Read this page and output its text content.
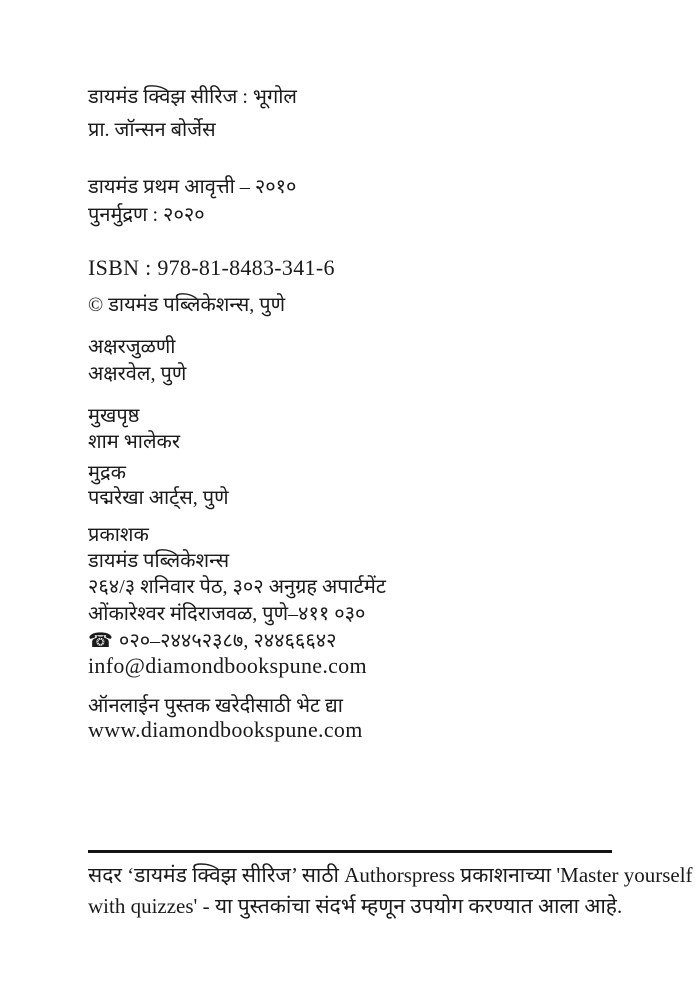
डायमंड क्विझ सीरिज : भूगोल
प्रा. जॉन्सन बोर्जेस
डायमंड प्रथम आवृत्ती – २०१०
पुनर्मुद्रण : २०२०
ISBN : 978-81-8483-341-6
© डायमंड पब्लिकेशन्स, पुणे
अक्षरजुळणी
अक्षरवेल, पुणे
मुखपृष्ठ
शाम भालेकर
मुद्रक
पद्मरेखा आर्ट्स, पुणे
प्रकाशक
डायमंड पब्लिकेशन्स
२६४/३ शनिवार पेठ, ३०२ अनुग्रह अपार्टमेंट
ओंकारेश्वर मंदिराजवळ, पुणे–४११ ०३०
☎ ०२०–२४४५२३८७, २४४६६६४२
info@diamondbookspune.com
ऑनलाईन पुस्तक खरेदीसाठी भेट द्या
www.diamondbookspune.com
सदर ‘डायमंड क्विझ सीरिज’ साठी Authorspress प्रकाशनाच्या 'Master yourself
with quizzes' - या पुस्तकांचा संदर्भ म्हणून उपयोग करण्यात आला आहे.
